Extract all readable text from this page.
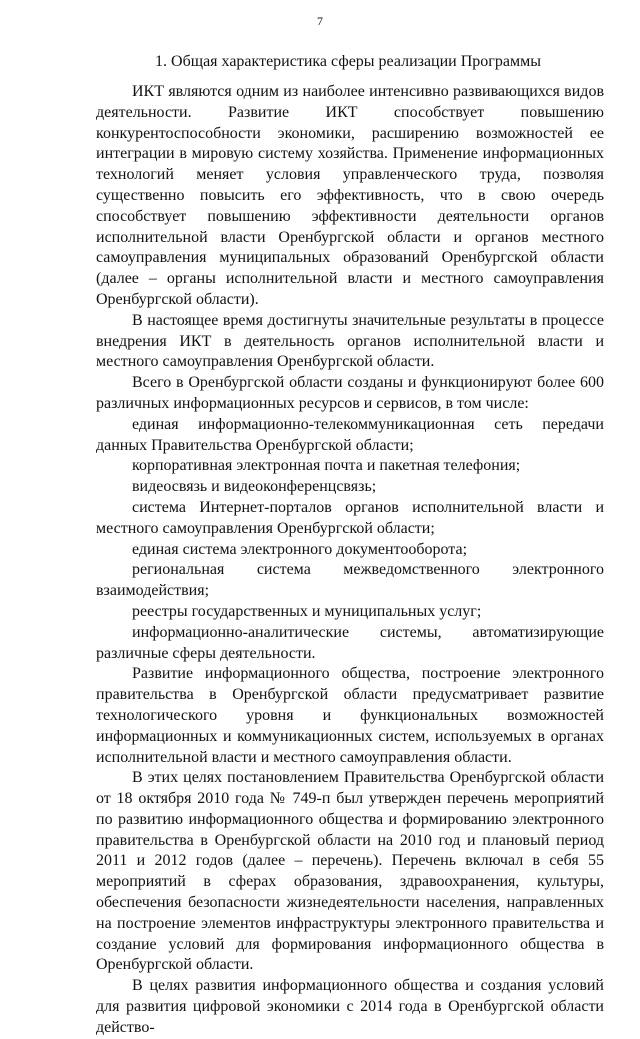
7
1. Общая характеристика сферы реализации Программы

ИКТ являются одним из наиболее интенсивно развивающихся видов деятельности. Развитие ИКТ способствует повышению конкурентоспособности экономики, расширению возможностей ее интеграции в мировую систему хозяйства. Применение информационных технологий меняет условия управленческого труда, позволяя существенно повысить его эффективность, что в свою очередь способствует повышению эффективности деятельности органов исполнительной власти Оренбургской области и органов местного самоуправления муниципальных образований Оренбургской области (далее – органы исполнительной власти и местного самоуправления Оренбургской области).

В настоящее время достигнуты значительные результаты в процессе внедрения ИКТ в деятельность органов исполнительной власти и местного самоуправления Оренбургской области.

Всего в Оренбургской области созданы и функционируют более 600 различных информационных ресурсов и сервисов, в том числе:

единая информационно-телекоммуникационная сеть передачи данных Правительства Оренбургской области;

корпоративная электронная почта и пакетная телефония;

видеосвязь и видеоконференцсвязь;

система Интернет-порталов органов исполнительной власти и местного самоуправления Оренбургской области;

единая система электронного документооборота;

региональная система межведомственного электронного взаимодействия;

реестры государственных и муниципальных услуг;

информационно-аналитические системы, автоматизирующие различные сферы деятельности.

Развитие информационного общества, построение электронного правительства в Оренбургской области предусматривает развитие технологического уровня и функциональных возможностей информационных и коммуникационных систем, используемых в органах исполнительной власти и местного самоуправления области.

В этих целях постановлением Правительства Оренбургской области от 18 октября 2010 года № 749-п был утвержден перечень мероприятий по развитию информационного общества и формированию электронного правительства в Оренбургской области на 2010 год и плановый период 2011 и 2012 годов (далее – перечень). Перечень включал в себя 55 мероприятий в сферах образования, здравоохранения, культуры, обеспечения безопасности жизнедеятельности населения, направленных на построение элементов инфраструктуры электронного правительства и создание условий для формирования информационного общества в Оренбургской области.

В целях развития информационного общества и создания условий для развития цифровой экономики с 2014 года в Оренбургской области действо-
